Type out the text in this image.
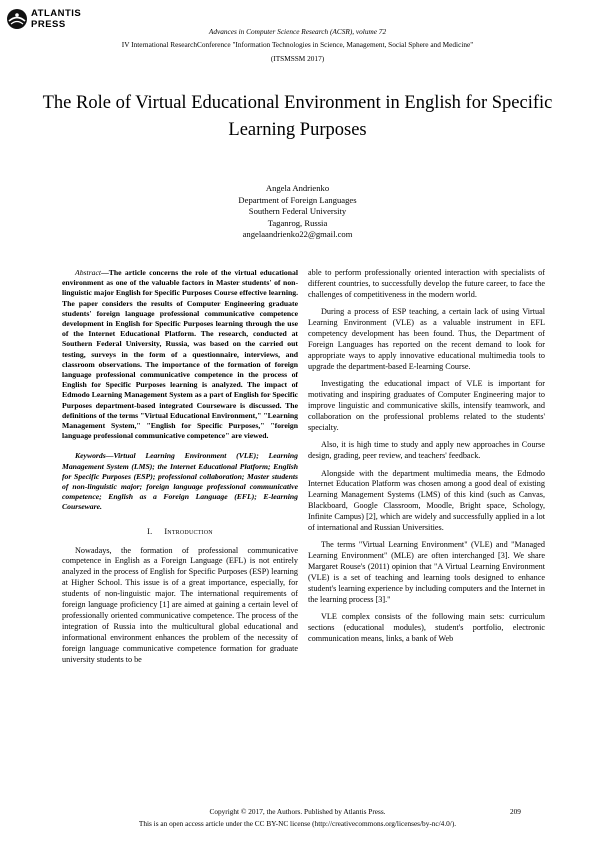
ATLANTIS
PRESS
Advances in Computer Science Research (ACSR), volume 72
IV International ResearchConference "Information Technologies in Science, Management, Social Sphere and Medicine"
(ITSMSSM 2017)
The Role of Virtual Educational Environment in English for Specific Learning Purposes
Angela Andrienko
Department of Foreign Languages
Southern Federal University
Taganrog, Russia
angelaandrienko22@gmail.com

Abstract—The article concerns the role of the virtual educational environment as one of the valuable factors in Master students' of non-linguistic major English for Specific Purposes Course effective learning. The paper considers the results of Computer Engineering graduate students' foreign language professional communicative competence development in English for Specific Purposes learning through the use of the Internet Educational Platform. The research, conducted at Southern Federal University, Russia, was based on the carried out testing, surveys in the form of a questionnaire, interviews, and classroom observations. The importance of the formation of foreign language professional communicative competence in the process of English for Specific Purposes learning is analyzed. The impact of Edmodo Learning Management System as a part of English for Specific Purposes department-based integrated Courseware is discussed. The definitions of the terms "Virtual Educational Environment," "Learning Management System," "English for Specific Purposes," "foreign language professional communicative competence" are viewed.

Keywords—Virtual Learning Environment (VLE); Learning Management System (LMS); the Internet Educational Platform; English for Specific Purposes (ESP); professional collaboration; Master students of non-linguistic major; foreign language professional communicative competence; English as a Foreign Language (EFL); E-learning Courseware.

I. Introduction

Nowadays, the formation of professional communicative competence in English as a Foreign Language (EFL) is not entirely analyzed in the process of English for Specific Purposes (ESP) learning at Higher School. This issue is of a great importance, especially, for students of non-linguistic major. The international requirements of foreign language proficiency [1] are aimed at gaining a certain level of professionally oriented communicative competence. The process of the integration of Russia into the multicultural global educational and informational environment enhances the problem of the necessity of foreign language communicative competence formation for graduate university students to be

able to perform professionally oriented interaction with specialists of different countries, to successfully develop the future career, to face the challenges of competitiveness in the modern world.

During a process of ESP teaching, a certain lack of using Virtual Learning Environment (VLE) as a valuable instrument in EFL competency development has been found. Thus, the Department of Foreign Languages has reported on the recent demand to look for appropriate ways to apply innovative educational multimedia tools to upgrade the department-based E-learning Course.

Investigating the educational impact of VLE is important for motivating and inspiring graduates of Computer Engineering major to improve linguistic and communicative skills, intensify teamwork, and collaboration on the professional problems related to the students' specialty.

Also, it is high time to study and apply new approaches in Course design, grading, peer review, and teachers' feedback.

Alongside with the department multimedia means, the Edmodo Internet Education Platform was chosen among a good deal of existing Learning Management Systems (LMS) of this kind (such as Canvas, Blackboard, Google Classroom, Moodle, Bright space, Schology, Infinite Campus) [2], which are widely and successfully applied in a lot of international and Russian Universities.

The terms "Virtual Learning Environment" (VLE) and "Managed Learning Environment" (MLE) are often interchanged [3]. We share Margaret Rouse's (2011) opinion that "A Virtual Learning Environment (VLE) is a set of teaching and learning tools designed to enhance student's learning experience by including computers and the Internet in the learning process [3]."

VLE complex consists of the following main sets: curriculum sections (educational modules), student's portfolio, electronic communication means, links, a bank of Web

Copyright © 2017, the Authors. Published by Atlantis Press.	209
This is an open access article under the CC BY-NC license (http://creativecommons.org/licenses/by-nc/4.0/).
